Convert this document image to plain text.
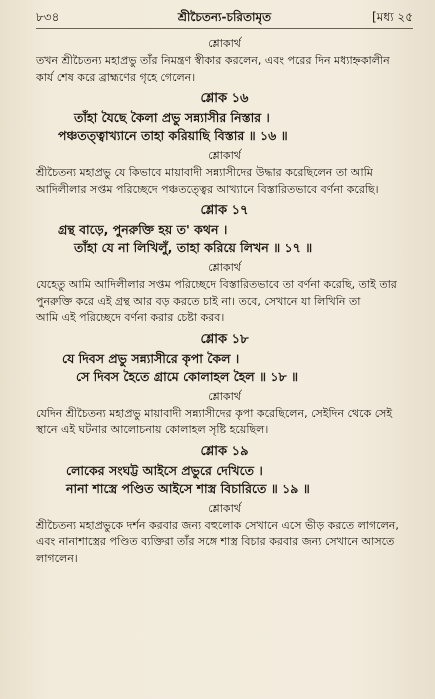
৮৩৪	শ্রীচৈতন্য-চরিতামৃত	[মধ্য ২৫
শ্লোকার্থ
তখন শ্রীচৈতন্য মহাপ্রভু তাঁর নিমন্ত্রণ স্বীকার করলেন, এবং পরের দিন মধ্যাহ্নকালীন
কার্য শেষ করে ব্রাহ্মণের গৃহে গেলেন।
শ্লোক ১৬
তাঁহা যৈছে কৈলা প্রভু সন্ন্যাসীর নিস্তার ।
পঞ্চতত্ত্বাখ্যানে তাহা করিয়াছি বিস্তার ॥ ১৬ ॥
শ্লোকার্থ
শ্রীচৈতন্য মহাপ্রভু যে কিভাবে মায়াবাদী সন্ন্যাসীদের উদ্ধার করেছিলেন তা আমি
আদিলীলার সপ্তম পরিচ্ছেদে পঞ্চতত্ত্বের আখ্যানে বিস্তারিতভাবে বর্ণনা করেছি।
শ্লোক ১৭
গ্রন্থ বাড়ে, পুনরুক্তি হয় ত' কথন ।
তাঁহা যে না লিখিলুঁ, তাহা করিয়ে লিখন ॥ ১৭ ॥
শ্লোকার্থ
যেহেতু আমি আদিলীলার সপ্তম পরিচ্ছেদে বিস্তারিতভাবে তা বর্ণনা করেছি, তাই তার
পুনরুক্তি করে এই গ্রন্থ আর বড় করতে চাই না। তবে, সেখানে যা লিখিনি তা
আমি এই পরিচ্ছেদে বর্ণনা করার চেষ্টা করব।
শ্লোক ১৮
যে দিবস প্রভু সন্ন্যাসীরে কৃপা কৈল ।
সে দিবস হৈতে গ্রামে কোলাহল হৈল ॥ ১৮ ॥
শ্লোকার্থ
যেদিন শ্রীচৈতন্য মহাপ্রভু মায়াবাদী সন্ন্যাসীদের কৃপা করেছিলেন, সেইদিন থেকে সেই
স্থানে এই ঘটনার আলোচনায় কোলাহল সৃষ্টি হয়েছিল।
শ্লোক ১৯
লোকের সংঘট্ট আইসে প্রভুরে দেখিতে ।
নানা শাস্ত্রে পণ্ডিত আইসে শাস্ত্র বিচারিতে ॥ ১৯ ॥
শ্লোকার্থ
শ্রীচৈতন্য মহাপ্রভুকে দর্শন করবার জন্য বহুলোক সেখানে এসে ভীড় করতে লাগলেন,
এবং নানাশাস্ত্রের পণ্ডিত ব্যক্তিরা তাঁর সঙ্গে শাস্ত্র বিচার করবার জন্য সেখানে আসতে
লাগলেন।
